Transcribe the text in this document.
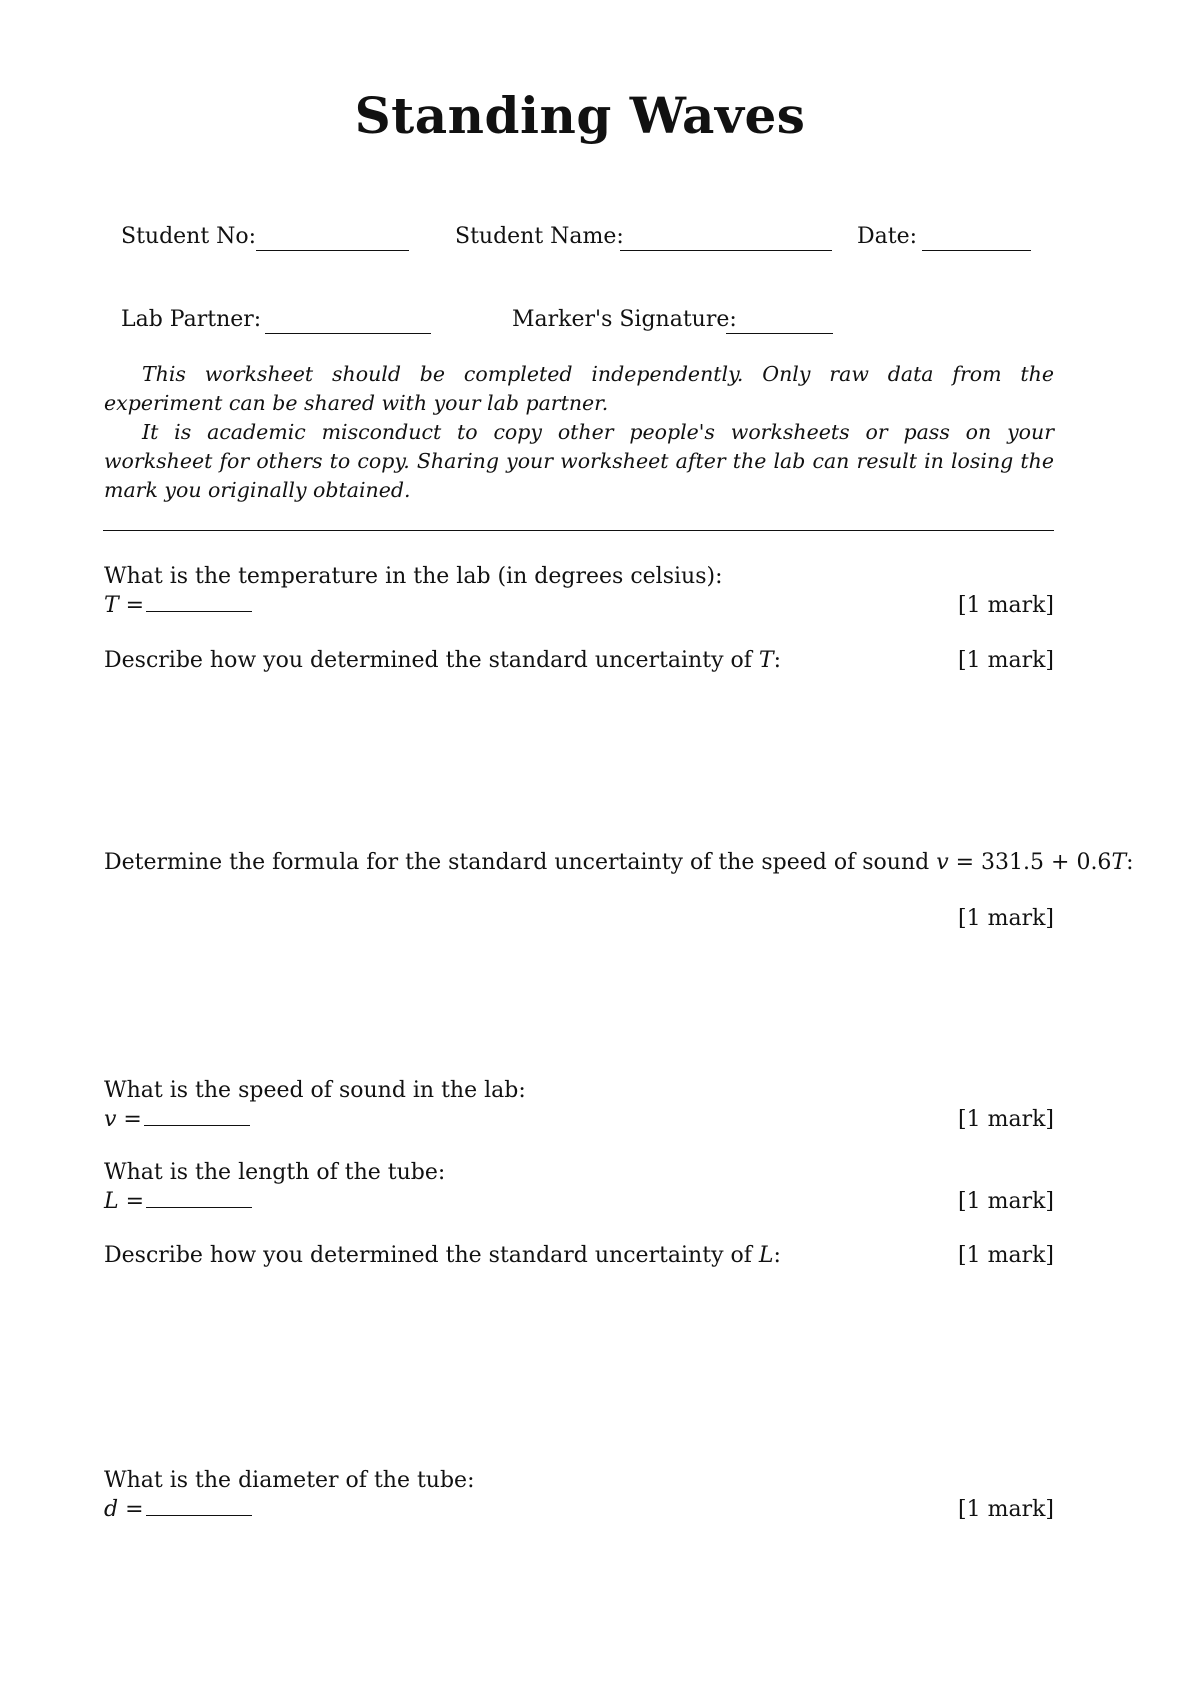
Standing Waves
Student No:	Student Name:	Date:
Lab Partner:	Marker's Signature:

This worksheet should be completed independently. Only raw data from the experiment can be shared with your lab partner.

It is academic misconduct to copy other people's worksheets or pass on your worksheet for others to copy. Sharing your worksheet after the lab can result in losing the mark you originally obtained.

What is the temperature in the lab (in degrees celsius):
T =	[1 mark]
Describe how you determined the standard uncertainty of T:	[1 mark]
Determine the formula for the standard uncertainty of the speed of sound v = 331.5 + 0.6T:
[1 mark]
What is the speed of sound in the lab:
v =	[1 mark]
What is the length of the tube:
L =	[1 mark]
Describe how you determined the standard uncertainty of L:	[1 mark]
What is the diameter of the tube:
d =	[1 mark]
